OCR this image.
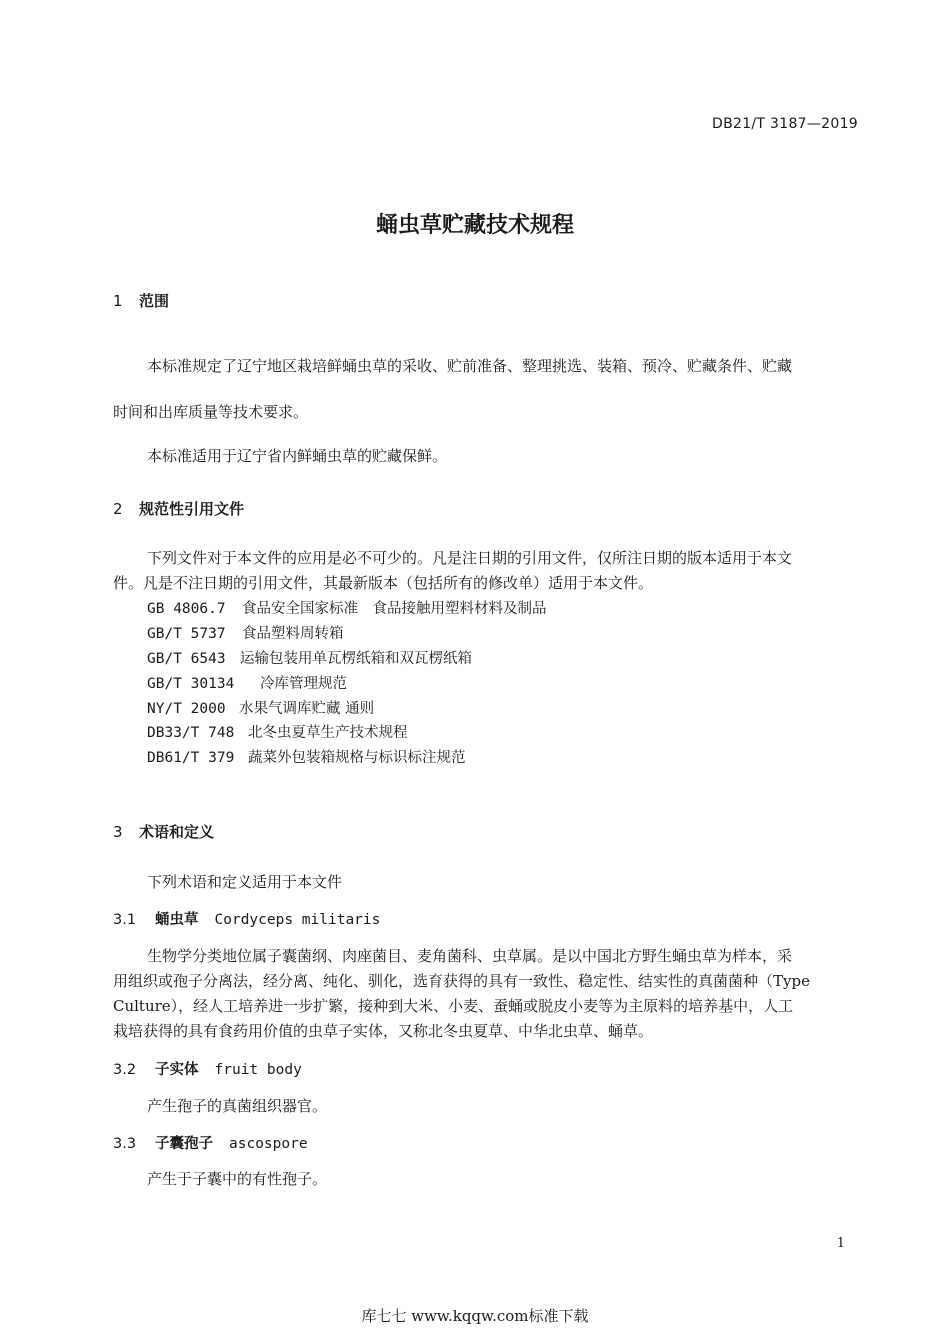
DB21/T 3187—2019
蛹虫草贮藏技术规程
1 范围
本标准规定了辽宁地区栽培鲜蛹虫草的采收、贮前准备、整理挑选、装箱、预冷、贮藏条件、贮藏
时间和出库质量等技术要求。
本标准适用于辽宁省内鲜蛹虫草的贮藏保鲜。
2 规范性引用文件
下列文件对于本文件的应用是必不可少的。凡是注日期的引用文件，仅所注日期的版本适用于本文
件。凡是不注日期的引用文件，其最新版本（包括所有的修改单）适用于本文件。
GB 4806.7 食品安全国家标准　食品接触用塑料材料及制品
GB/T 5737 食品塑料周转箱
GB/T 6543 运输包装用单瓦楞纸箱和双瓦楞纸箱
GB/T 30134 冷库管理规范
NY/T 2000 水果气调库贮藏 通则
DB33/T 748 北冬虫夏草生产技术规程
DB61/T 379 蔬菜外包装箱规格与标识标注规范
3 术语和定义
下列术语和定义适用于本文件
3.1 蛹虫草 Cordyceps militaris
生物学分类地位属子囊菌纲、肉座菌目、麦角菌科、虫草属。是以中国北方野生蛹虫草为样本，采
用组织或孢子分离法，经分离、纯化、驯化，选育获得的具有一致性、稳定性、结实性的真菌菌种（Type
Culture），经人工培养进一步扩繁，接种到大米、小麦、蚕蛹或脱皮小麦等为主原料的培养基中，人工
栽培获得的具有食药用价值的虫草子实体，又称北冬虫夏草、中华北虫草、蛹草。
3.2 子实体 fruit body
产生孢子的真菌组织器官。
3.3 子囊孢子 ascospore
产生于子囊中的有性孢子。
1
库七七 www.kqqw.com标准下载
